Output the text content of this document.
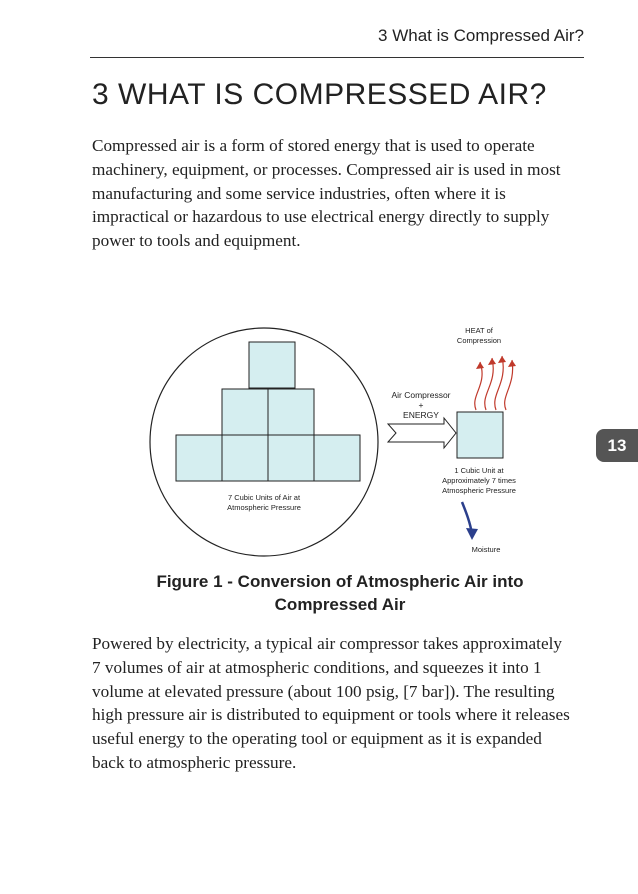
3 What is Compressed Air?
3 WHAT IS COMPRESSED AIR?

Compressed air is a form of stored energy that is used to operate machinery, equipment, or processes. Compressed air is used in most manufacturing and some service industries, often where it is impractical or hazardous to use electrical energy directly to supply power to tools and equipment.

13
7 Cubic Units of Air at
Atmospheric Pressure
Air Compressor
+
ENERGY
HEAT of
Compression
1 Cubic Unit at
Approximately 7 times
Atmospheric Pressure
Moisture
Figure 1 - Conversion of Atmospheric Air into
Compressed Air

Powered by electricity, a typical air compressor takes approximately 7 volumes of air at atmospheric conditions, and squeezes it into 1 volume at elevated pressure (about 100 psig, [7 bar]). The resulting high pressure air is distributed to equipment or tools where it releases useful energy to the operating tool or equipment as it is expanded back to atmospheric pressure.
